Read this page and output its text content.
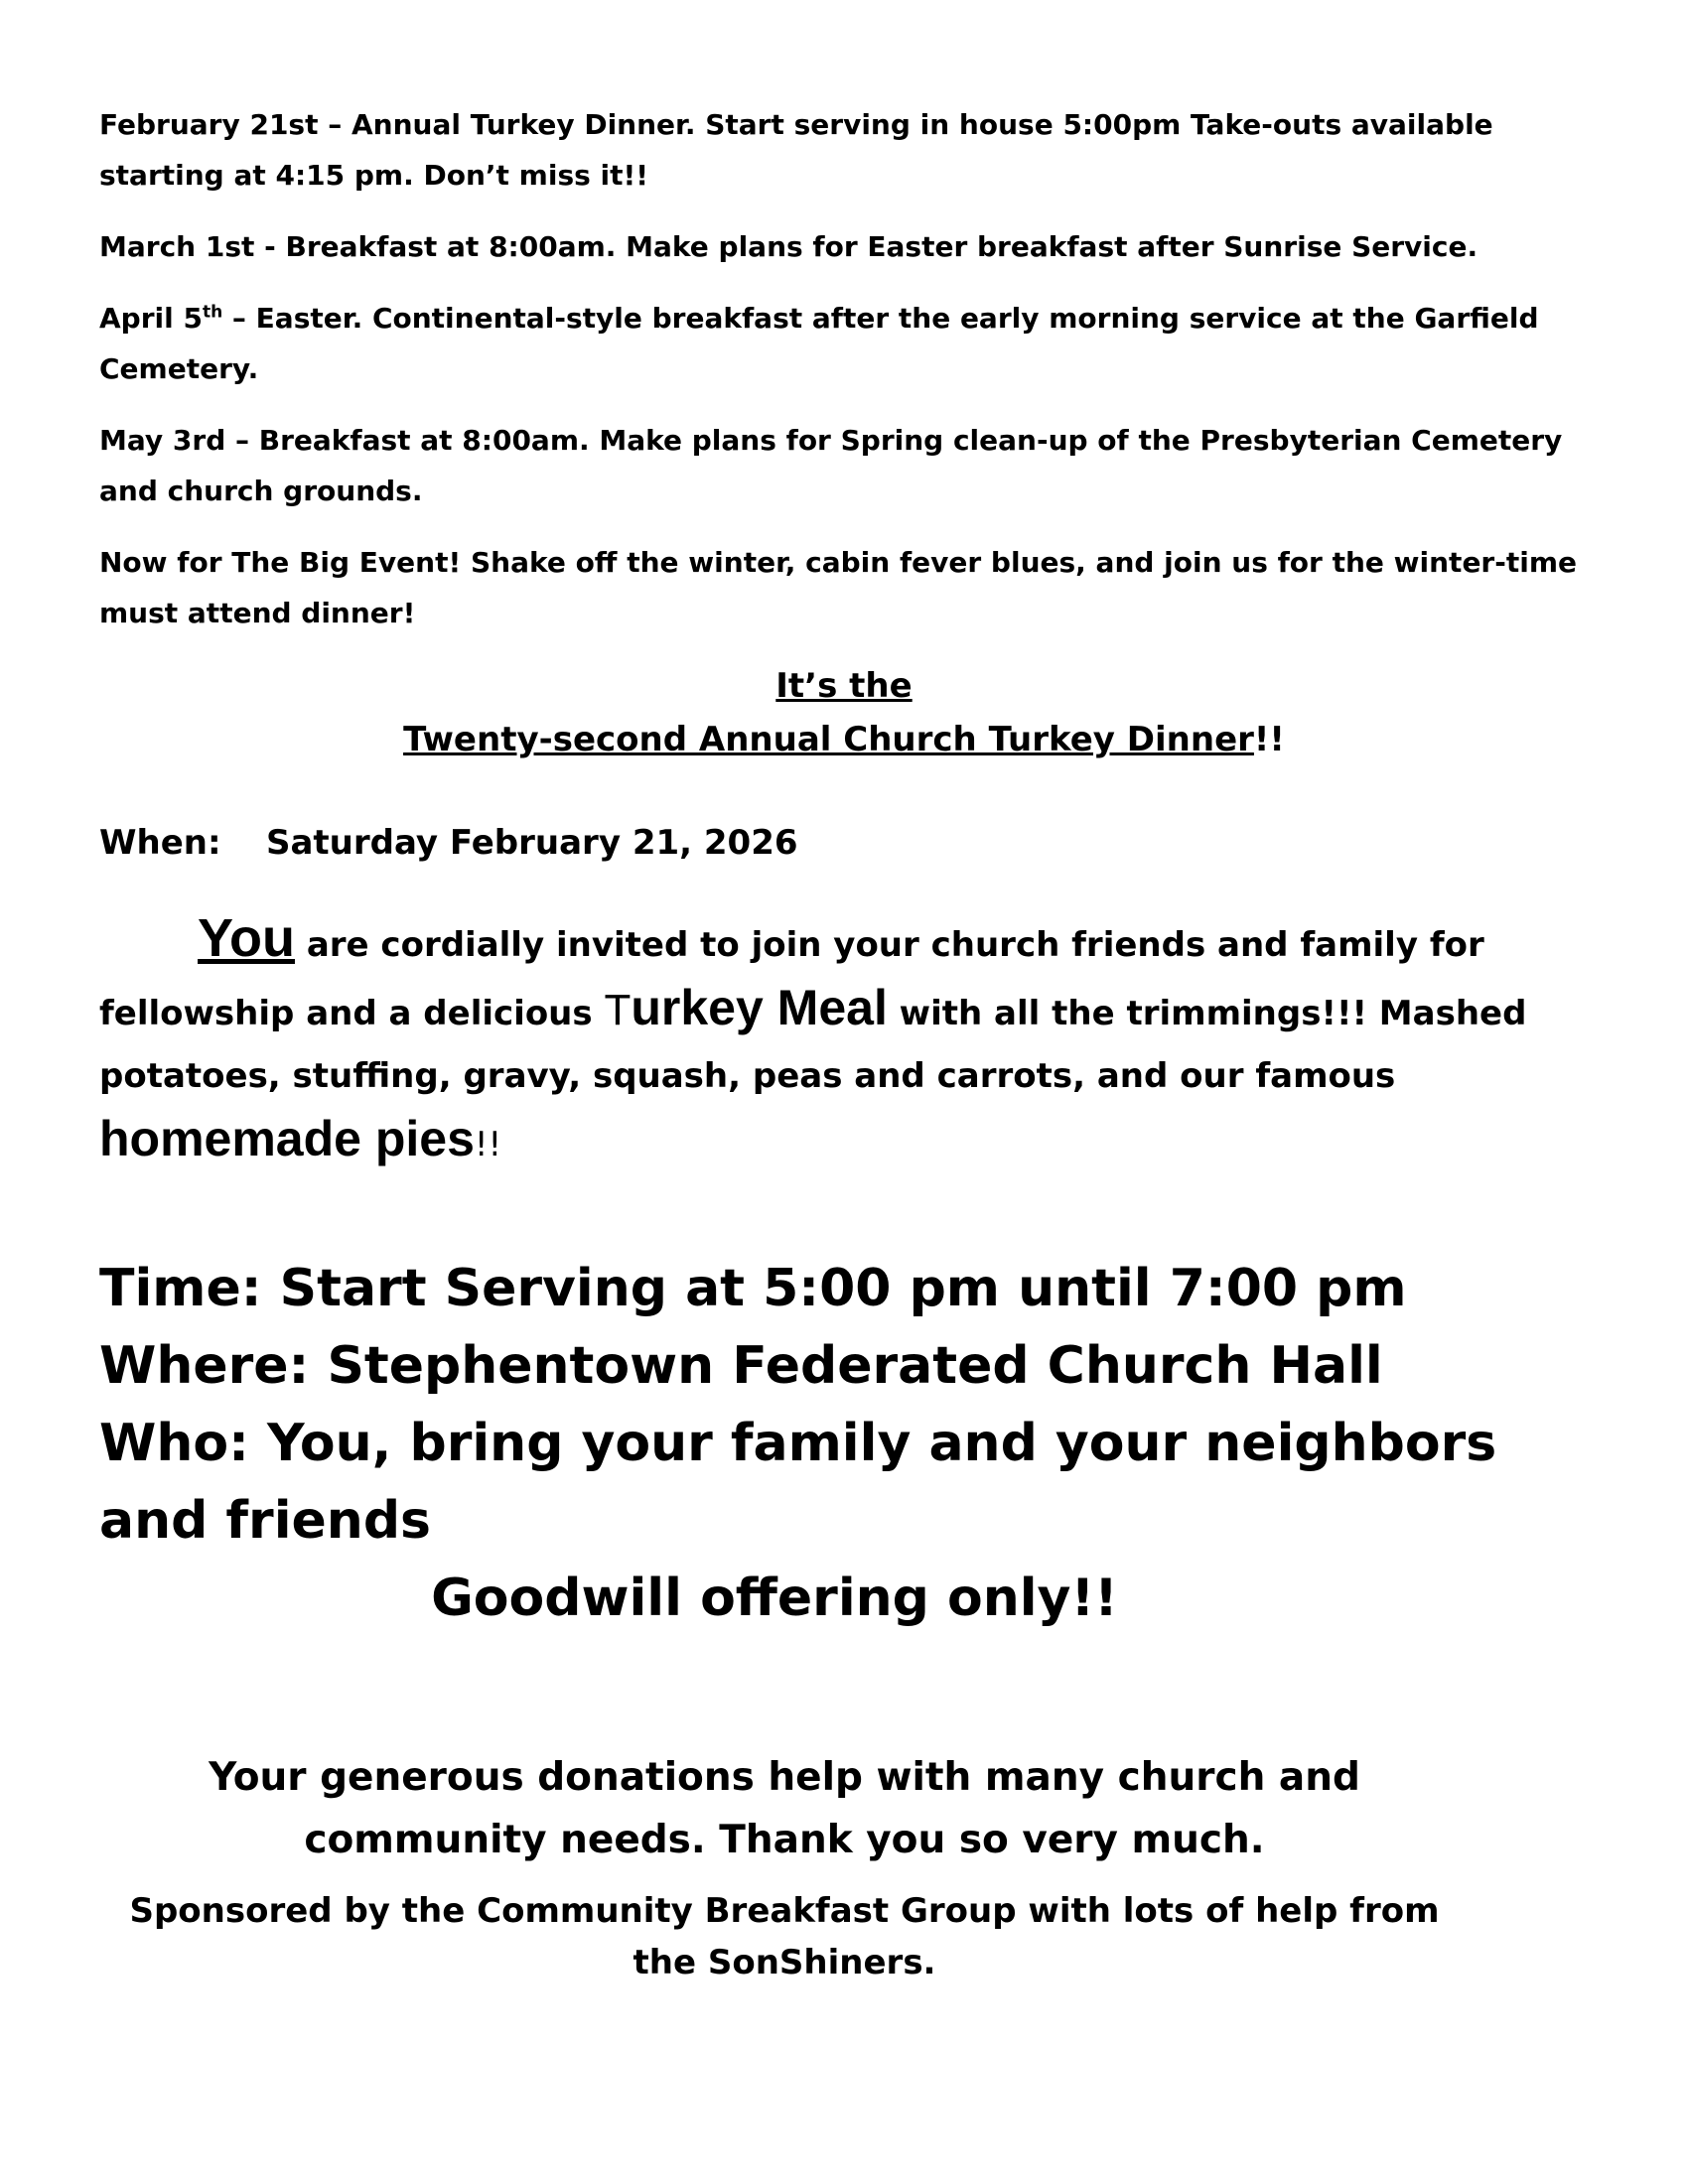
February 21st – Annual Turkey Dinner. Start serving in house 5:00pm Take-outs available starting at 4:15 pm. Don’t miss it!!

March 1st - Breakfast at 8:00am. Make plans for Easter breakfast after Sunrise Service.

April 5th – Easter. Continental-style breakfast after the early morning service at the Garfield Cemetery.

May 3rd – Breakfast at 8:00am. Make plans for Spring clean-up of the Presbyterian Cemetery and church grounds.

Now for The Big Event! Shake off the winter, cabin fever blues, and join us for the winter-time must attend dinner!

It’s the
Twenty-second Annual Church Turkey Dinner!!
When: Saturday February 21, 2026
You are cordially invited to join your church friends and family for fellowship and a delicious Turkey Meal with all the trimmings!!! Mashed potatoes, stuffing, gravy, squash, peas and carrots, and our famous homemade pies!!
Time: Start Serving at 5:00 pm until 7:00 pm
Where: Stephentown Federated Church Hall
Who: You, bring your family and your neighbors and friends
Goodwill offering only!!
Your generous donations help with many church and community needs. Thank you so very much.
Sponsored by the Community Breakfast Group with lots of help from the SonShiners.
